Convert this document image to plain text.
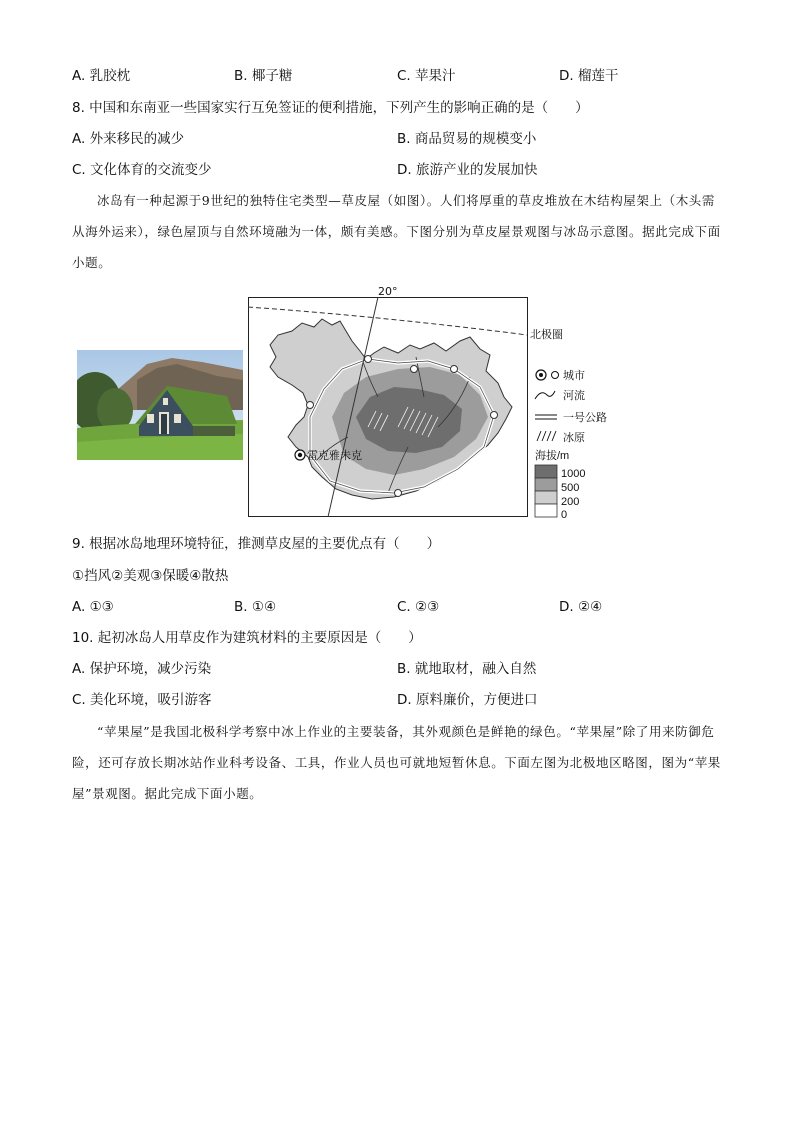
A. 乳胶枕	B. 椰子糖	C. 苹果汁	D. 榴莲干
8. 中国和东南亚一些国家实行互免签证的便利措施，下列产生的影响正确的是（　　）
A. 外来移民的减少	B. 商品贸易的规模变小
C. 文化体育的交流变少	D. 旅游产业的发展加快
冰岛有一种起源于9世纪的独特住宅类型—草皮屋（如图）。人们将厚重的草皮堆放在木结构屋架上（木头需从海外运来），绿色屋顶与自然环境融为一体，颇有美感。下图分别为草皮屋景观图与冰岛示意图。据此完成下面小题。
雷克雅未克
北极圈
20°
城市
河流
一号公路
冰原
海拔/m
1000
500
200
0
9. 根据冰岛地理环境特征，推测草皮屋的主要优点有（　　）
①挡风②美观③保暖④散热
A. ①③	B. ①④	C. ②③	D. ②④
10. 起初冰岛人用草皮作为建筑材料的主要原因是（　　）
A. 保护环境，减少污染	B. 就地取材，融入自然
C. 美化环境，吸引游客	D. 原料廉价，方便进口
“苹果屋”是我国北极科学考察中冰上作业的主要装备，其外观颜色是鲜艳的绿色。“苹果屋”除了用来防御危险，还可存放长期冰站作业科考设备、工具，作业人员也可就地短暂休息。下面左图为北极地区略图，图为“苹果屋”景观图。据此完成下面小题。
